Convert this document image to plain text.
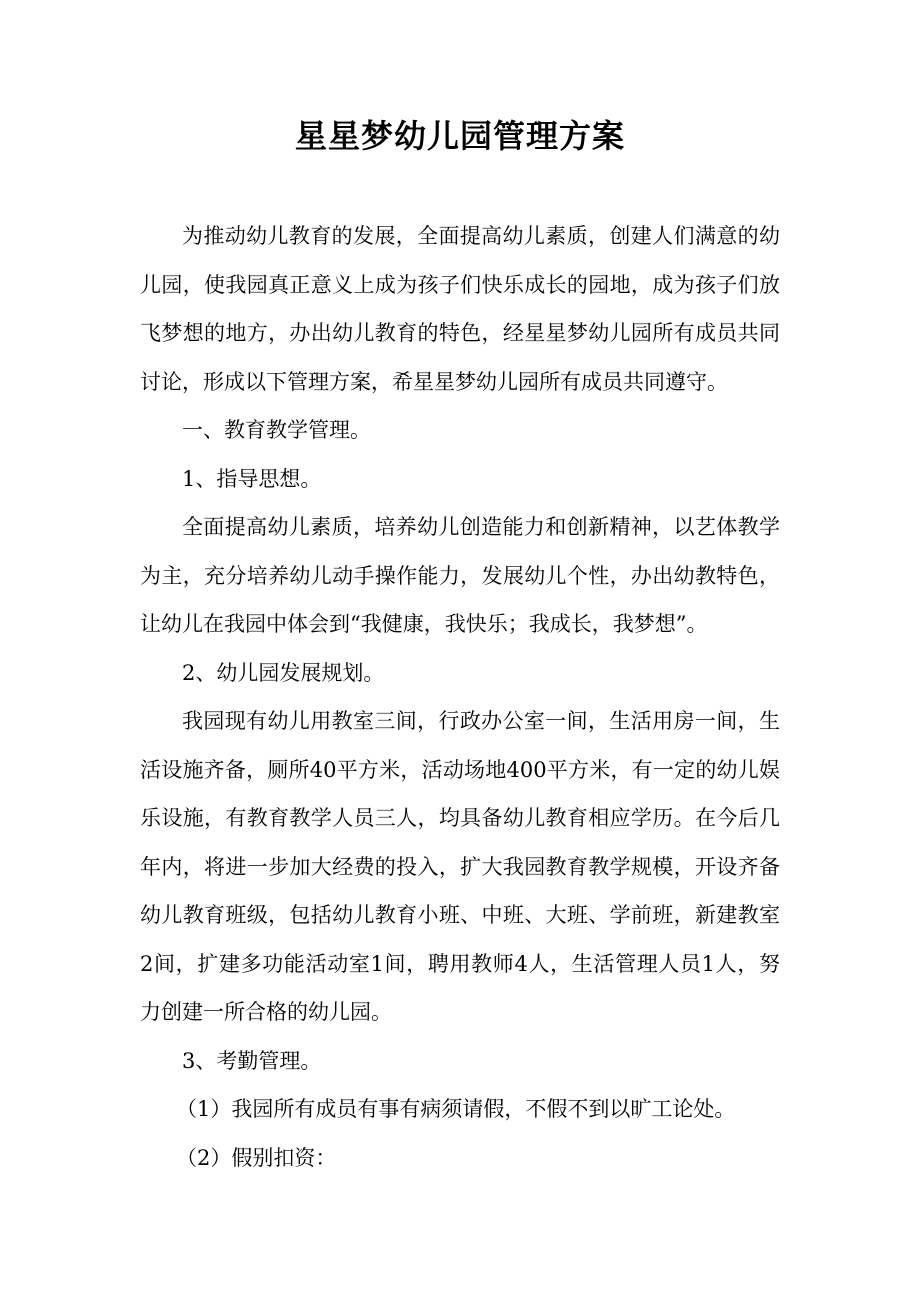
星星梦幼儿园管理方案

为推动幼儿教育的发展，全面提高幼儿素质，创建人们满意的幼儿园，使我园真正意义上成为孩子们快乐成长的园地，成为孩子们放飞梦想的地方，办出幼儿教育的特色，经星星梦幼儿园所有成员共同讨论，形成以下管理方案，希星星梦幼儿园所有成员共同遵守。

一、教育教学管理。

1、指导思想。

全面提高幼儿素质，培养幼儿创造能力和创新精神，以艺体教学为主，充分培养幼儿动手操作能力，发展幼儿个性，办出幼教特色，让幼儿在我园中体会到“我健康，我快乐；我成长，我梦想”。

2、幼儿园发展规划。

我园现有幼儿用教室三间，行政办公室一间，生活用房一间，生活设施齐备，厕所40平方米，活动场地400平方米，有一定的幼儿娱乐设施，有教育教学人员三人，均具备幼儿教育相应学历。在今后几年内，将进一步加大经费的投入，扩大我园教育教学规模，开设齐备幼儿教育班级，包括幼儿教育小班、中班、大班、学前班，新建教室2间，扩建多功能活动室1间，聘用教师4人，生活管理人员1人，努力创建一所合格的幼儿园。

3、考勤管理。

（1）我园所有成员有事有病须请假，不假不到以旷工论处。

（2）假别扣资：
